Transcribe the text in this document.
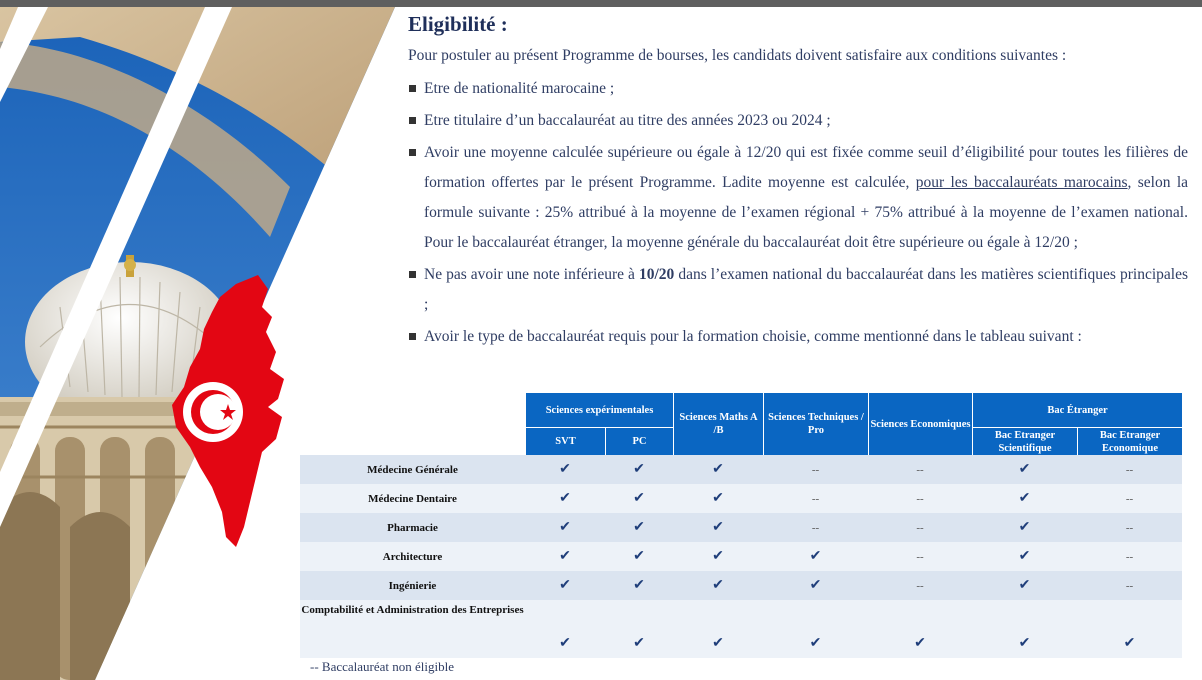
Eligibilité :

Pour postuler au présent Programme de bourses, les candidats doivent satisfaire aux conditions suivantes :

Etre de nationalité marocaine ;
Etre titulaire d’un baccalauréat au titre des années 2023 ou 2024 ;
Avoir une moyenne calculée supérieure ou égale à 12/20 qui est fixée comme seuil d’éligibilité pour toutes les filières de formation offertes par le présent Programme. Ladite moyenne est calculée, pour les baccalauréats marocains, selon la formule suivante : 25% attribué à la moyenne de l’examen régional + 75% attribué à la moyenne de l’examen national. Pour le baccalauréat étranger, la moyenne générale du baccalauréat doit être supérieure ou égale à 12/20 ;
Ne pas avoir une note inférieure à 10/20 dans l’examen national du baccalauréat dans les matières scientifiques principales ;
Avoir le type de baccalauréat requis pour la formation choisie, comme mentionné dans le tableau suivant :
	Sciences expérimentales		Sciences Maths A /B	Sciences Techniques / Pro	Sciences Economiques	Bac Étranger	
	SVT	PC				Bac Etranger Scientifique	Bac Etranger Economique
Médecine Générale	✔	✔	✔	--	--	✔	--
Médecine Dentaire	✔	✔	✔	--	--	✔	--
Pharmacie	✔	✔	✔	--	--	✔	--
Architecture	✔	✔	✔	✔	--	✔	--
Ingénierie	✔	✔	✔	✔	--	✔	--
Comptabilité et Administration des Entreprises	✔	✔	✔	✔	✔	✔	✔
-- Baccalauréat non éligible
